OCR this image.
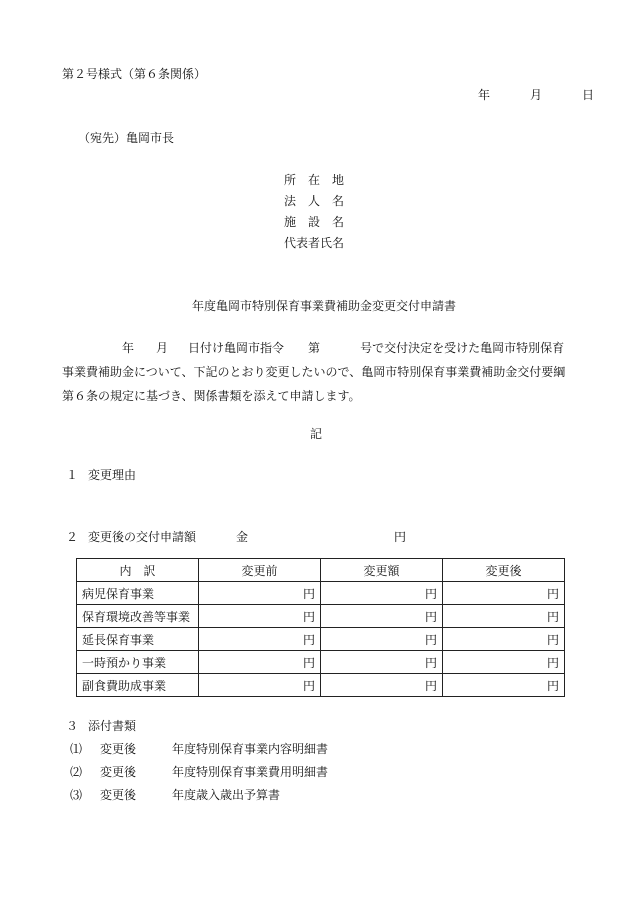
第２号様式（第６条関係）
年	月	日
（宛先）亀岡市長
所　在　地
法　人　名
施　設　名
代表者氏名
年度亀岡市特別保育事業費補助金変更交付申請書
年 月 日付け亀岡市指令 第	号で交付決定を受けた亀岡市特別保育事業費補助金について、下記のとおり変更したいので、亀岡市特別保育事業費補助金交付要綱第６条の規定に基づき、関係書類を添えて申請します。
記
１ 変更理由
２ 変更後の交付申請額	金	円
内　訳	変更前	変更額	変更後
病児保育事業	円	円	円
保育環境改善等事業	円	円	円
延長保育事業	円	円	円
一時預かり事業	円	円	円
副食費助成事業	円	円	円
３ 添付書類
⑴ 変更後	年度特別保育事業内容明細書
⑵ 変更後	年度特別保育事業費用明細書
⑶ 変更後	年度歳入歳出予算書
